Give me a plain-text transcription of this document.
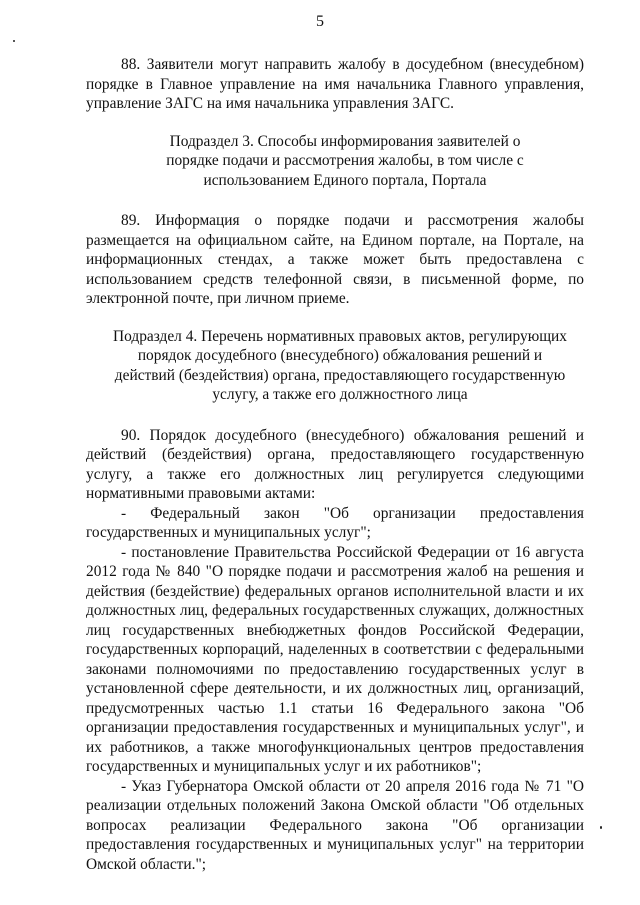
5

88. Заявители могут направить жалобу в досудебном (внесудебном) порядке в Главное управление на имя начальника Главного управления, управление ЗАГС на имя начальника управления ЗАГС.

Подраздел 3. Способы информирования заявителей о порядке подачи и рассмотрения жалобы, в том числе с использованием Единого портала, Портала

89. Информация о порядке подачи и рассмотрения жалобы размещается на официальном сайте, на Едином портале, на Портале, на информационных стендах, а также может быть предоставлена с использованием средств телефонной связи, в письменной форме, по электронной почте, при личном приеме.

Подраздел 4. Перечень нормативных правовых актов, регулирующих порядок досудебного (внесудебного) обжалования решений и действий (бездействия) органа, предоставляющего государственную услугу, а также его должностного лица

90. Порядок досудебного (внесудебного) обжалования решений и действий (бездействия) органа, предоставляющего государственную услугу, а также его должностных лиц регулируется следующими нормативными правовыми актами:

- Федеральный закон "Об организации предоставления государственных и муниципальных услуг";

- постановление Правительства Российской Федерации от 16 августа 2012 года № 840 "О порядке подачи и рассмотрения жалоб на решения и действия (бездействие) федеральных органов исполнительной власти и их должностных лиц, федеральных государственных служащих, должностных лиц государственных внебюджетных фондов Российской Федерации, государственных корпораций, наделенных в соответствии с федеральными законами полномочиями по предоставлению государственных услуг в установленной сфере деятельности, и их должностных лиц, организаций, предусмотренных частью 1.1 статьи 16 Федерального закона "Об организации предоставления государственных и муниципальных услуг", и их работников, а также многофункциональных центров предоставления государственных и муниципальных услуг и их работников";

- Указ Губернатора Омской области от 20 апреля 2016 года № 71 "О реализации отдельных положений Закона Омской области "Об отдельных вопросах реализации Федерального закона "Об организации предоставления государственных и муниципальных услуг" на территории Омской области.";
